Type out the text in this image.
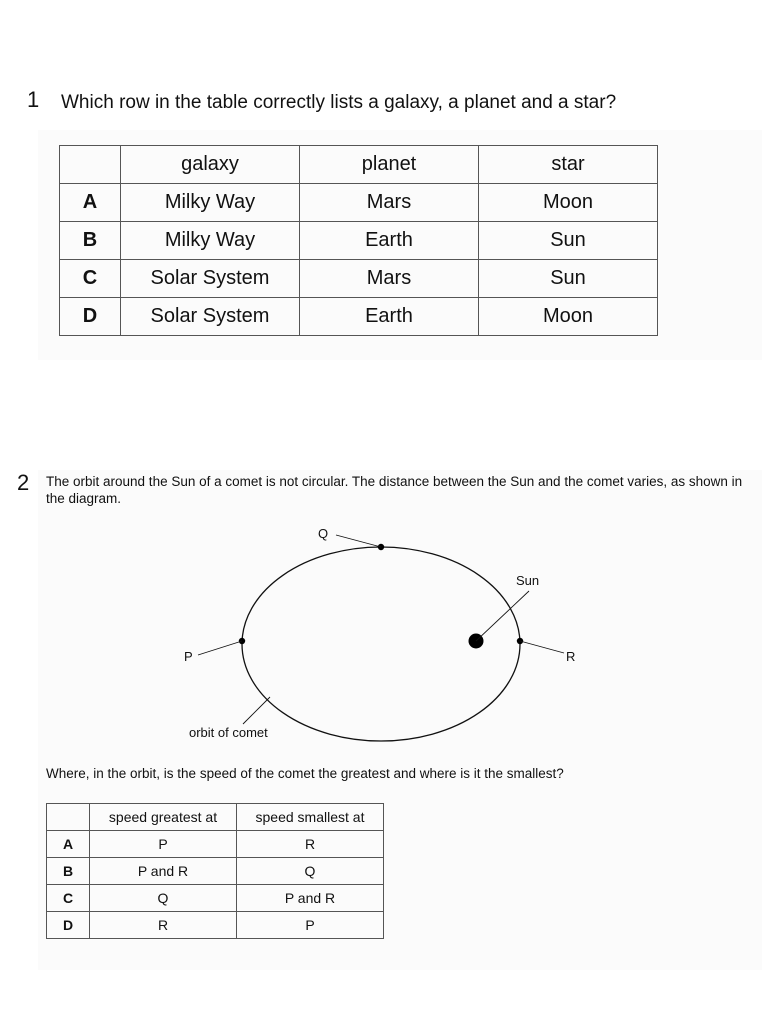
1 Which row in the table correctly lists a galaxy, a planet and a star?
	galaxy	planet	star
A	Milky Way	Mars	Moon
B	Milky Way	Earth	Sun
C	Solar System	Mars	Sun
D	Solar System	Earth	Moon
2 The orbit around the Sun of a comet is not circular. The distance between the Sun and the comet varies, as shown in the diagram.
Sun
Q
P	R
orbit of comet
Where, in the orbit, is the speed of the comet the greatest and where is it the smallest?
	speed greatest at	speed smallest at
A	P	R
B	P and R	Q
C	Q	P and R
D	R	P
